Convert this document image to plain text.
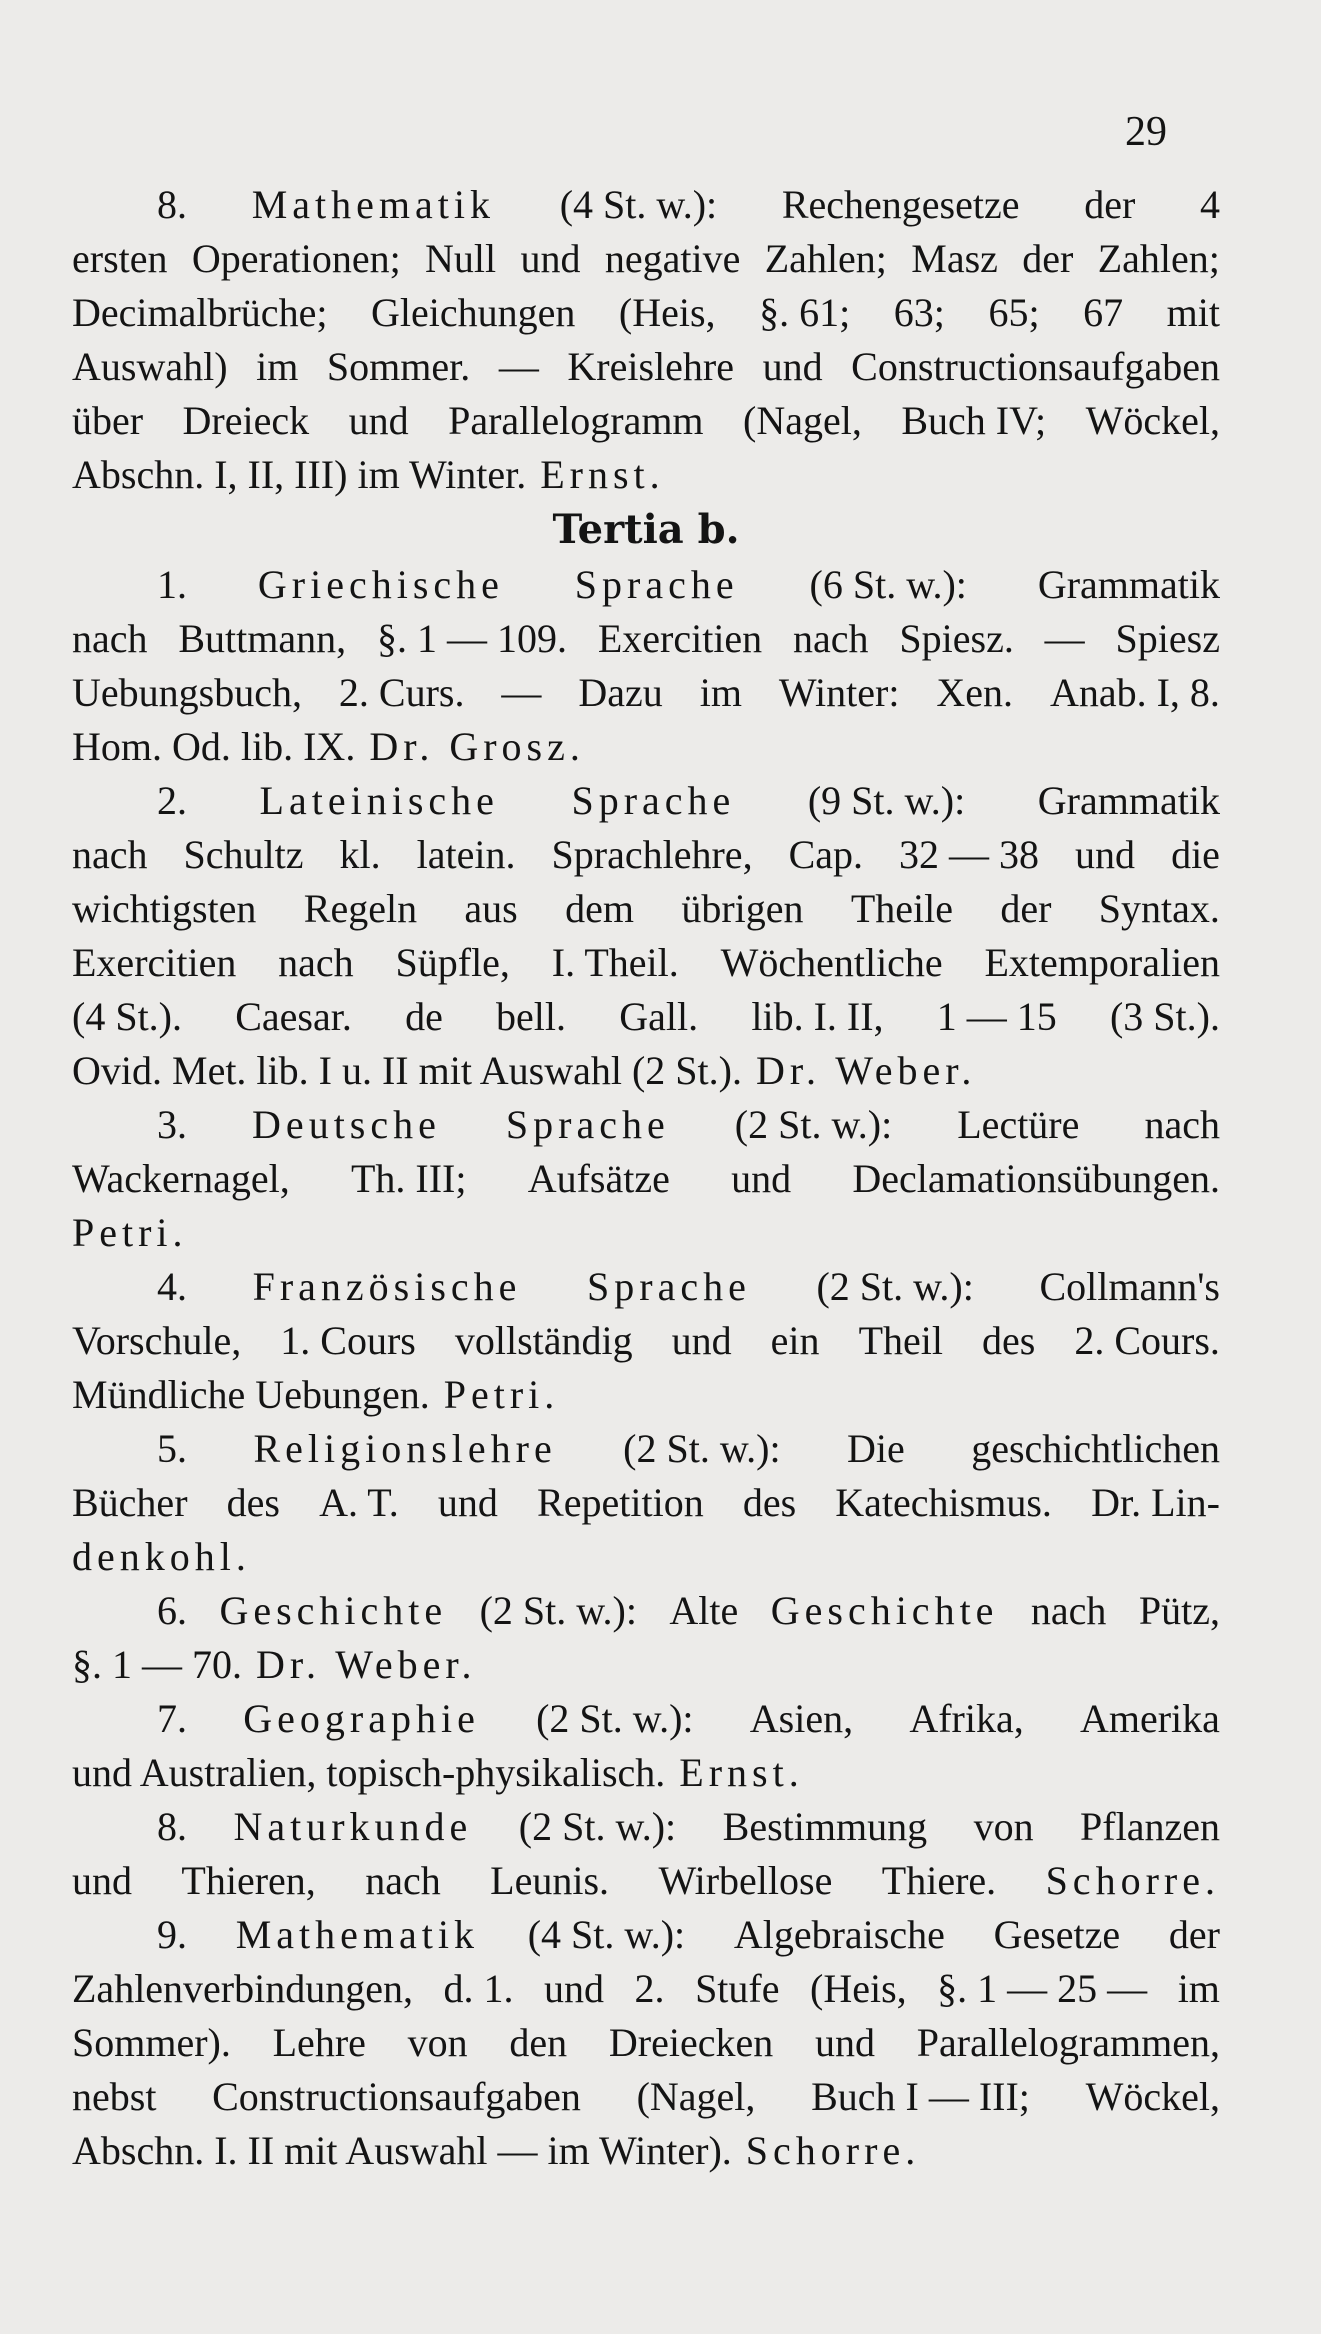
29
8. Mathematik (4 St. w.): Rechengesetze der 4
ersten Operationen; Null und negative Zahlen; Masz der Zahlen;
Decimalbrüche; Gleichungen (Heis, §. 61; 63; 65; 67 mit
Auswahl) im Sommer. — Kreislehre und Constructionsaufgaben
über Dreieck und Parallelogramm (Nagel, Buch IV; Wöckel,
Abschn. I, II, III) im Winter. Ernst.
Tertia b.
1. Griechische Sprache (6 St. w.): Grammatik
nach Buttmann, §. 1 — 109. Exercitien nach Spiesz. — Spiesz
Uebungsbuch, 2. Curs. — Dazu im Winter: Xen. Anab. I, 8.
Hom. Od. lib. IX. Dr. Grosz.
2. Lateinische Sprache (9 St. w.): Grammatik
nach Schultz kl. latein. Sprachlehre, Cap. 32 — 38 und die
wichtigsten Regeln aus dem übrigen Theile der Syntax.
Exercitien nach Süpfle, I. Theil. Wöchentliche Extemporalien
(4 St.). Caesar. de bell. Gall. lib. I. II, 1 — 15 (3 St.).
Ovid. Met. lib. I u. II mit Auswahl (2 St.). Dr. Weber.
3. Deutsche Sprache (2 St. w.): Lectüre nach
Wackernagel, Th. III; Aufsätze und Declamationsübungen.
Petri.
4. Französische Sprache (2 St. w.): Collmann's
Vorschule, 1. Cours vollständig und ein Theil des 2. Cours.
Mündliche Uebungen. Petri.
5. Religionslehre (2 St. w.): Die geschichtlichen
Bücher des A. T. und Repetition des Katechismus. Dr. Lin-
denkohl.
6. Geschichte (2 St. w.): Alte Geschichte nach Pütz,
§. 1 — 70. Dr. Weber.
7. Geographie (2 St. w.): Asien, Afrika, Amerika
und Australien, topisch-physikalisch. Ernst.
8. Naturkunde (2 St. w.): Bestimmung von Pflanzen
und Thieren, nach Leunis. Wirbellose Thiere. Schorre.
9. Mathematik (4 St. w.): Algebraische Gesetze der
Zahlenverbindungen, d. 1. und 2. Stufe (Heis, §. 1 — 25 — im
Sommer). Lehre von den Dreiecken und Parallelogrammen,
nebst Constructionsaufgaben (Nagel, Buch I — III; Wöckel,
Abschn. I. II mit Auswahl — im Winter). Schorre.
